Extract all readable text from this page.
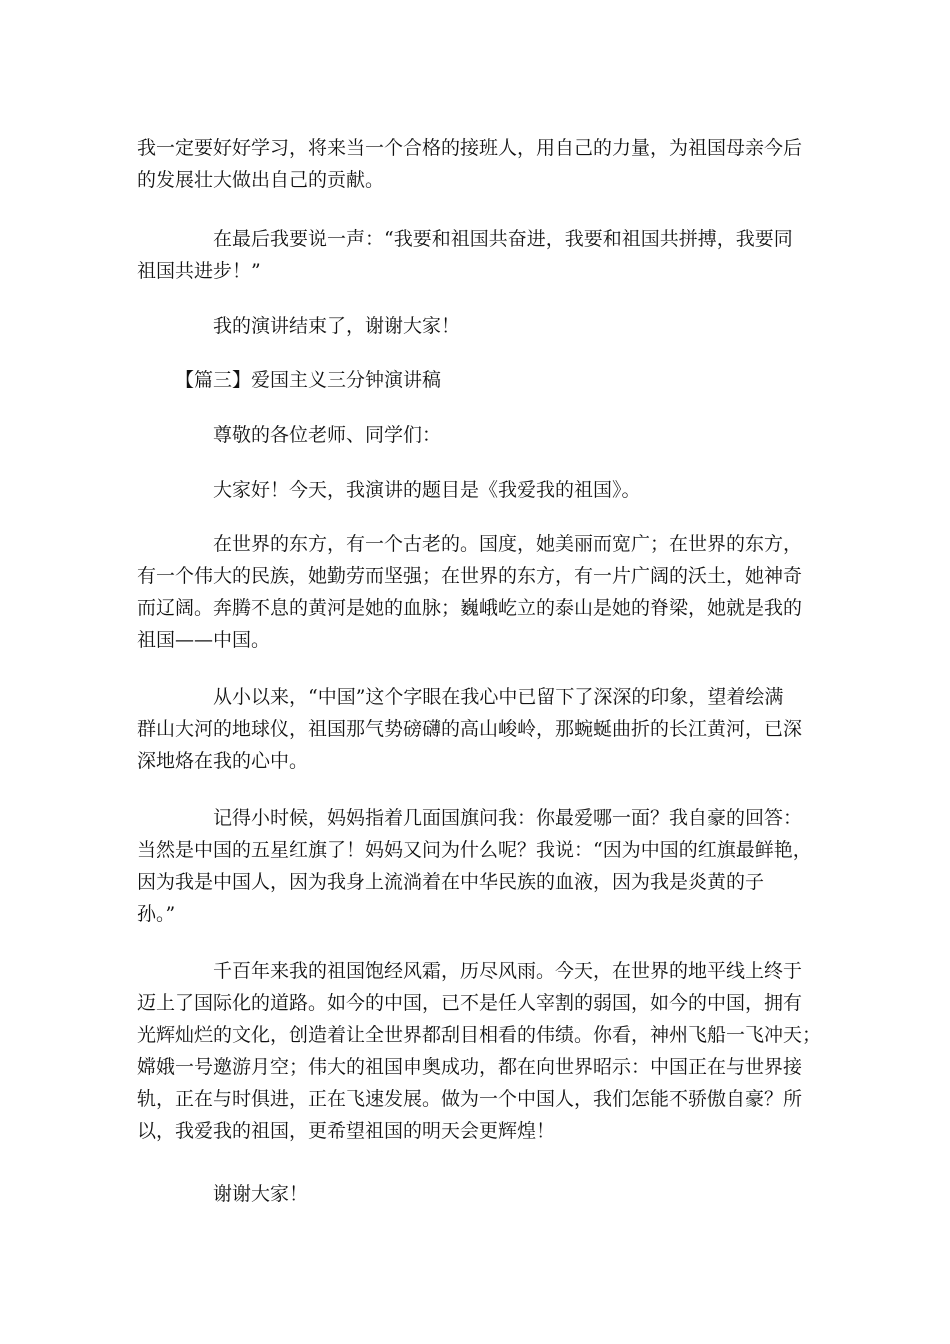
我一定要好好学习，将来当一个合格的接班人，用自己的力量，为祖国母亲今后
的发展壮大做出自己的贡献。

在最后我要说一声：“我要和祖国共奋进，我要和祖国共拼搏，我要同
祖国共进步！”

我的演讲结束了，谢谢大家！

【篇三】爱国主义三分钟演讲稿

尊敬的各位老师、同学们：

大家好！今天，我演讲的题目是《我爱我的祖国》。

在世界的东方，有一个古老的。国度，她美丽而宽广；在世界的东方，
有一个伟大的民族，她勤劳而坚强；在世界的东方，有一片广阔的沃土，她神奇
而辽阔。奔腾不息的黄河是她的血脉；巍峨屹立的泰山是她的脊梁，她就是我的
祖国——中国。

从小以来，“中国”这个字眼在我心中已留下了深深的印象，望着绘满
群山大河的地球仪，祖国那气势磅礴的高山峻岭，那蜿蜒曲折的长江黄河，已深
深地烙在我的心中。

记得小时候，妈妈指着几面国旗问我：你最爱哪一面？我自豪的回答：
当然是中国的五星红旗了！妈妈又问为什么呢？我说：“因为中国的红旗最鲜艳，
因为我是中国人，因为我身上流淌着在中华民族的血液，因为我是炎黄的子
孙。”

千百年来我的祖国饱经风霜，历尽风雨。今天，在世界的地平线上终于
迈上了国际化的道路。如今的中国，已不是任人宰割的弱国，如今的中国，拥有
光辉灿烂的文化，创造着让全世界都刮目相看的伟绩。你看，神州飞船一飞冲天；
嫦娥一号邀游月空；伟大的祖国申奥成功，都在向世界昭示：中国正在与世界接
轨，正在与时俱进，正在飞速发展。做为一个中国人，我们怎能不骄傲自豪？所
以，我爱我的祖国，更希望祖国的明天会更辉煌！

谢谢大家！
